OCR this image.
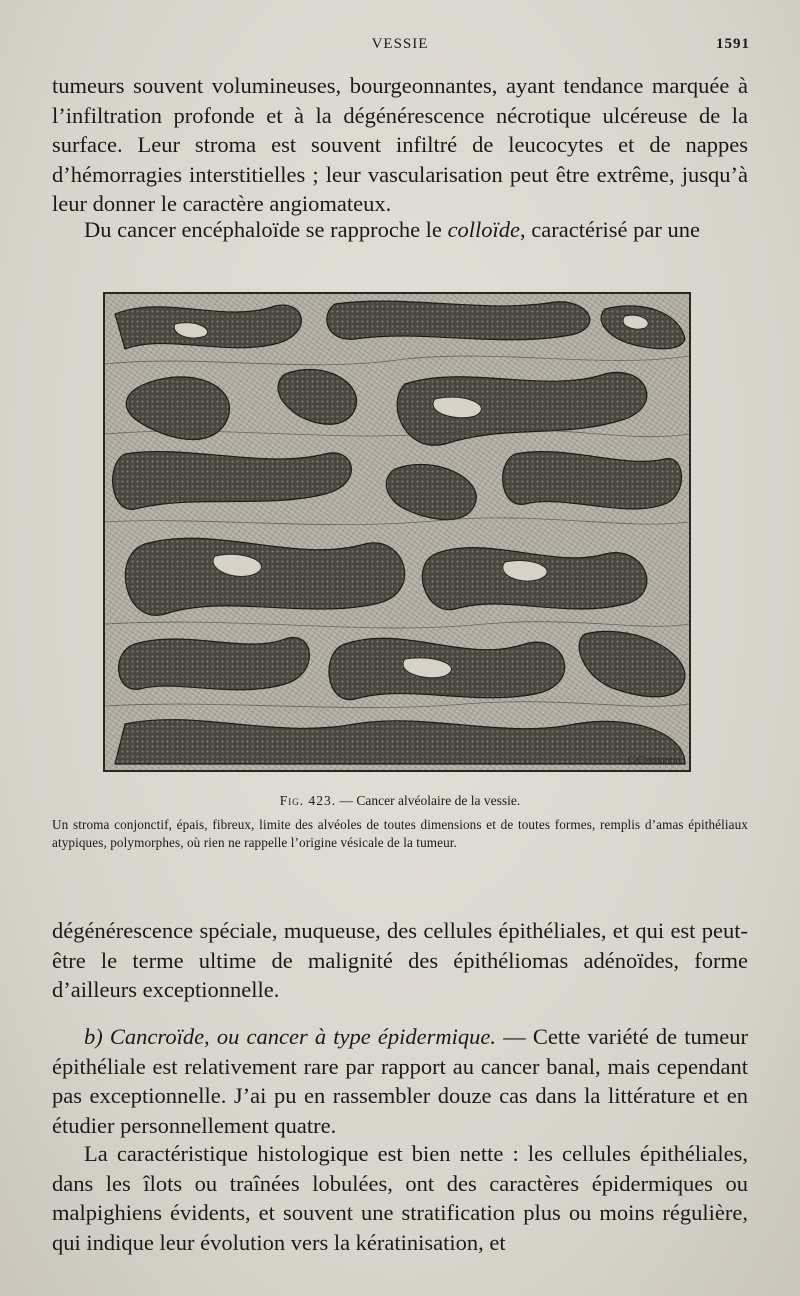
VESSIE	1591

tumeurs souvent volumineuses, bourgeonnantes, ayant tendance marquée à l’infiltration profonde et à la dégénérescence nécrotique ulcéreuse de la surface. Leur stroma est souvent infiltré de leucocytes et de nappes d’hémorragies interstitielles ; leur vascularisation peut être extrême, jusqu’à leur donner le caractère angiomateux.

Du cancer encéphaloïde se rapproche le colloïde, caractérisé par une

C.Constantin.
Fig. 423. — Cancer alvéolaire de la vessie.
Un stroma conjonctif, épais, fibreux, limite des alvéoles de toutes dimensions et de toutes formes, remplis d’amas épithéliaux atypiques, polymorphes, où rien ne rappelle l’origine vésicale de la tumeur.

dégénérescence spéciale, muqueuse, des cellules épithéliales, et qui est peut-être le terme ultime de malignité des épithéliomas adénoïdes, forme d’ailleurs exceptionnelle.

b) Cancroïde, ou cancer à type épidermique. — Cette variété de tumeur épithéliale est relativement rare par rapport au cancer banal, mais cependant pas exceptionnelle. J’ai pu en rassembler douze cas dans la littérature et en étudier personnellement quatre.

La caractéristique histologique est bien nette : les cellules épithéliales, dans les îlots ou traînées lobulées, ont des caractères épidermiques ou malpighiens évidents, et souvent une stratification plus ou moins régulière, qui indique leur évolution vers la kératinisation, et
